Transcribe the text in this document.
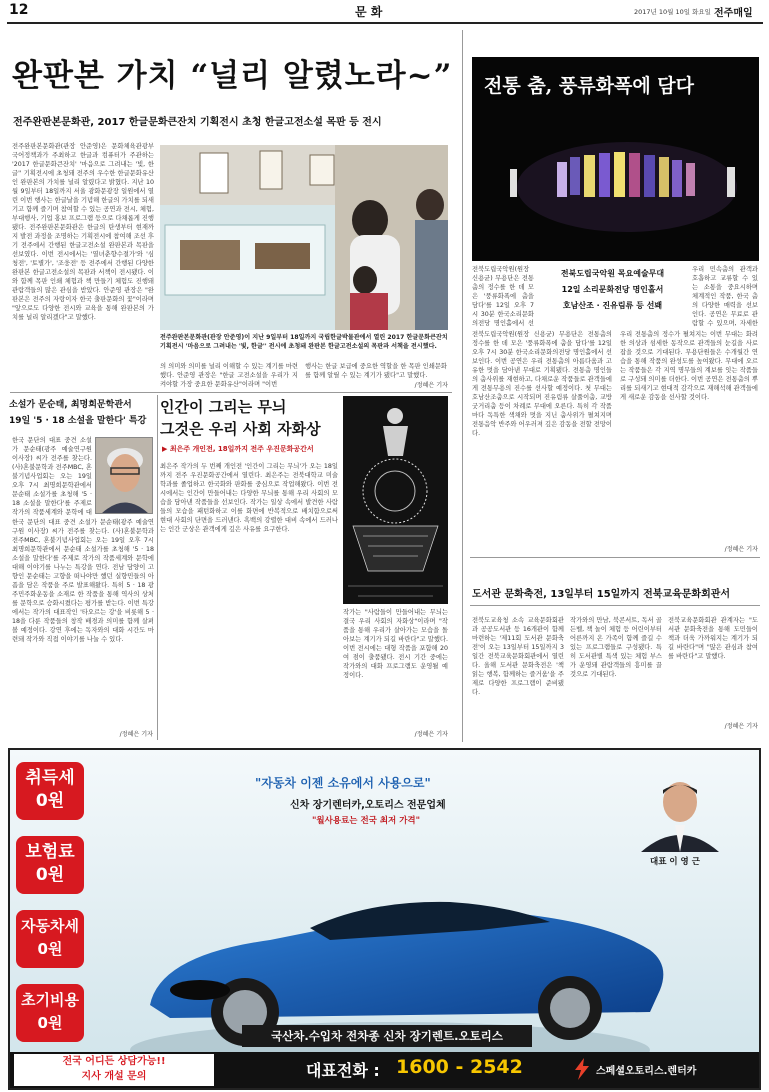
12	문 화	2017년 10월 10일 화요일 전주매일
완판본 가치 “널리 알렸노라~”
전주완판본문화관, 2017 한글문화큰잔치 기획전시 초청 한글고전소설 목판 등 전시
전주완판본문화관(관장 안준영)은 문화체육관광부 국어정책과가 주최하고 한글과 컴퓨터가 주관하는 '2017 한글문화큰잔치' '마음으로 그려내는 '빛, 한글'' 기획전시에 초청돼 전주의 우수한 한글문화유산인 완판본의 가치를 널리 알렸다고 밝혔다. 지난 10월 9일부터 18일까지 서울 광화문광장 일원에서 열린 이번 행사는 한글날을 기념해 한글의 가치를 되새기고 함께 즐기며 참여할 수 있는 공연과 전시, 체험, 부대행사, 기업 홍보 프로그램 등으로 다채롭게 진행됐다. 전주완판본문화관은 한글의 탄생부터 현재까지 발전 과정을 조명하는 기획전시에 참여해 조선 후기 전주에서 간행된 한글고전소설 완판본과 목판을 선보였다. 이번 전시에서는 '열녀춘향수절가'와 '심청전', '토별가', '조웅전' 등 전주에서 간행된 다양한 완판본 한글고전소설의 목판과 서책이 전시됐다. 이와 함께 목판 인쇄 체험과 책 만들기 체험도 진행돼 관람객들의 많은 관심을 받았다. 안준영 관장은 "완판본은 전주의 자랑이자 한국 출판문화의 꽃"이라며 "앞으로도 다양한 전시와 교육을 통해 완판본의 가치를 널리 알리겠다"고 말했다.
전주완판본문화관(관장 안준영)이 지난 9일부터 18일까지 국립한글박물관에서 열린 2017 한글문화큰잔치 기획전시 '마음으로 그려내는 '빛, 한글'' 전시에 초청돼 완판본 한글고전소설의 목판과 서책을 전시했다.
의 의미와 의미를 널리 이해할 수 있는 계기를 마련했다. 안준영 관장은 "한글 고전소설을 우리가 지켜야할 가장 중요한 문화유산"이라며 "이번
행사는 한글 보급에 중요한 역할을 한 목판 인쇄문화를 함께 알릴 수 있는 계기가 됐다"고 말했다.
/정혜은 기자
소설가 문순태, 최명희문학관서
19일 '5 · 18 소설을 말한다' 특강
한국 문단의 대표 중견 소설가 문순태(광주 예술연구원 이사장) 씨가 전주를 찾는다. (사)혼불문학과 전주MBC, 혼불기념사업회는 오는 19일 오후 7시 최명희문학관에서 문순태 소설가를 초청해 '5 · 18 소설을 말한다'를 주제로 작가의 작품세계와 문학에 대
한국 문단의 대표 중견 소설가 문순태(광주 예술연구원 이사장) 씨가 전주를 찾는다. (사)혼불문학과 전주MBC, 혼불기념사업회는 오는 19일 오후 7시 최명희문학관에서 문순태 소설가를 초청해 '5 · 18 소설을 말한다'를 주제로 작가의 작품세계와 문학에 대해 이야기를 나누는 특강을 연다. 전남 담양이 고향인 문순태는 고향을 떠나야만 했던 실향민들의 아픔을 담은 작품을 주로 발표해왔다. 특히 5 · 18 광주민주화운동을 소재로 한 작품을 통해 역사의 상처를 문학으로 승화시켰다는 평가를 받는다. 이번 특강에서는 작가의 대표작인 '타오르는 강'을 비롯해 5 · 18을 다룬 작품들의 창작 배경과 의미를 함께 살펴볼 예정이다. 강연 후에는 독자와의 대화 시간도 마련돼 작가와 직접 이야기를 나눌 수 있다.
/정혜은 기자
인간이 그리는 무늬
그것은 우리 사회 자화상
▶ 최은주 개인전, 18일까지 전주 우진문화공간서
최은주 작가의 두 번째 개인전 '인간이 그리는 무늬'가 오는 18일까지 전주 우진문화공간에서 열린다. 최은주는 전북대학교 미술학과를 졸업하고 한국화와 판화를 중심으로 작업해왔다. 이번 전시에서는 인간이 만들어내는 다양한 무늬를 통해 우리 사회의 모습을 담아낸 작품들을 선보인다. 작가는 일상 속에서 발견한 사람들의 모습을 패턴화하고 이를 화면에 반복적으로 배치함으로써 현대 사회의 단면을 드러낸다. 흑백의 강렬한 대비 속에서 드러나는 인간 군상은 관객에게 깊은 사유를 요구한다.
작가는 "사람들이 만들어내는 무늬는 결국 우리 사회의 자화상"이라며 "작품을 통해 우리가 살아가는 모습을 돌아보는 계기가 되길 바란다"고 말했다. 이번 전시에는 대형 작품을 포함해 20여 점이 출품됐다. 전시 기간 중에는 작가와의 대화 프로그램도 운영될 예정이다.
/정혜은 기자
전통 춤, 풍류화폭에 담다
전북도립국악원(원장 신용균) 무용단은 전통춤의 정수를 한 데 모은 '풍류화폭에 춤을 담다'를 12일 오후 7시 30분 한국소리문화의전당 명인홀에서 선
전북도립국악원 목요예술무대
12일 소리문화전당 명인홀서
호남산조 · 진유림류 등 선봬
우리 민속춤의 관객과 호흡하고 교류할 수 있는 소통을 중요시하며 체계적인 작품, 한국 춤의 다양한 매력을 선보인다. 공연은 무료로 관람할 수 있으며, 자세한
전북도립국악원(원장 신용균) 무용단은 전통춤의 정수를 한 데 모은 '풍류화폭에 춤을 담다'를 12일 오후 7시 30분 한국소리문화의전당 명인홀에서 선보인다. 이번 공연은 우리 전통춤의 아름다움과 고유한 멋을 담아낸 무대로 기획됐다. 전통춤 명인들의 춤사위를 재현하고, 다채로운 작품들로 관객들에게 전통무용의 진수를 선사할 예정이다. 첫 무대는 호남산조춤으로 시작되며 진유림류 살풀이춤, 교방굿거리춤 등이 차례로 무대에 오른다. 특히 각 작품마다 독특한 색채와 멋을 지닌 춤사위가 펼쳐지며 전통음악 반주와 어우러져 깊은 감동을 전할 전망이다.
우리 전통춤의 정수가 펼쳐지는 이번 무대는 화려한 의상과 섬세한 동작으로 관객들의 눈길을 사로잡을 것으로 기대된다. 무용단원들은 수개월간 연습을 통해 작품의 완성도를 높여왔다. 무대에 오르는 작품들은 각 지역 명무들의 계보를 잇는 작품들로 구성돼 의미를 더한다. 이번 공연은 전통춤의 뿌리를 되새기고 현대적 감각으로 재해석해 관객들에게 새로운 감동을 선사할 것이다.
/정혜은 기자
도서관 문화축전, 13일부터 15일까지 전북교육문화회관서
전북도교육청 소속 교육문화회관과 공공도서관 등 16개관이 함께 마련하는 '제11회 도서관 문화축전'이 오는 13일부터 15일까지 3일간 전북교육문화회관에서 열린다. 올해 도서관 문화축전은 '책 읽는 행복, 함께하는 즐거움'을 주제로 다양한 프로그램이 준비됐다.
작가와의 만남, 북콘서트, 독서 골든벨, 책 놀이 체험 등 어린이부터 어른까지 온 가족이 함께 즐길 수 있는 프로그램들로 구성됐다. 특히 도서관별 특색 있는 체험 부스가 운영돼 관람객들의 흥미를 끌 것으로 기대된다.
전북교육문화회관 관계자는 "도서관 문화축전을 통해 도민들이 책과 더욱 가까워지는 계기가 되길 바란다"며 "많은 관심과 참여를 바란다"고 말했다.
/정혜은 기자
취득세
0원
보험료
0원
자동차세
0원
초기비용
0원
"자동차 이젠 소유에서 사용으로"
신차 장기렌터카,오토리스 전문업체
"월사용료는 전국 최저 가격"
대표 이 영 근
국산차.수입차 전차종 신차 장기렌트.오토리스
전국 어디든 상담가능!!
지사 개설 문의	대표전화 : 1600 - 2542	스페셜오토리스.렌터카
